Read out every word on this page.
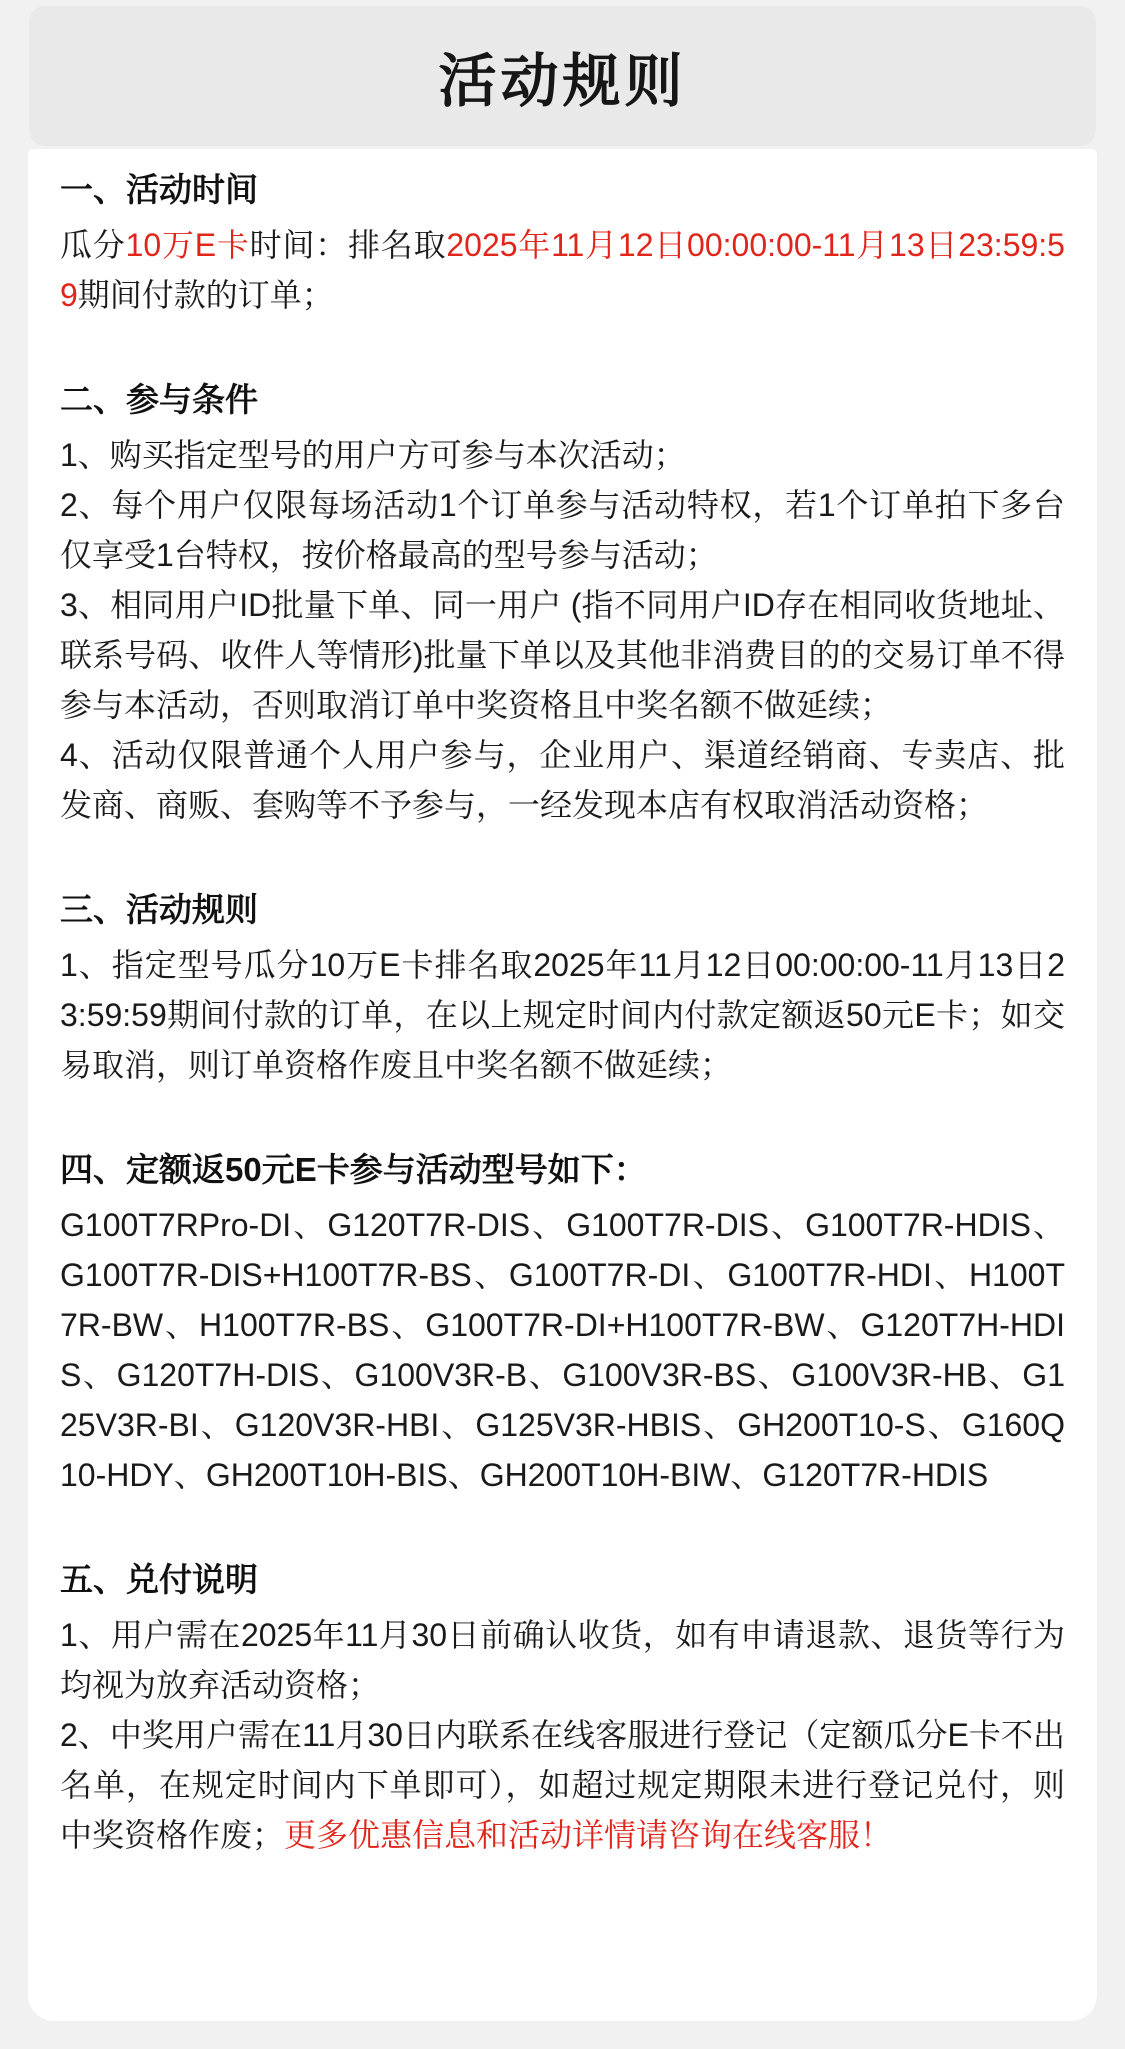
活动规则
一、活动时间

瓜分10万E卡时间：排名取2025年11月12日00:00:00-11月13日23:59:59期间付款的订单；

二、参与条件

1、购买指定型号的用户方可参与本次活动；

2、每个用户仅限每场活动1个订单参与活动特权，若1个订单拍下多台仅享受1台特权，按价格最高的型号参与活动；

3、相同用户ID批量下单、同一用户 (指不同用户ID存在相同收货地址、联系号码、收件人等情形)批量下单以及其他非消费目的的交易订单不得参与本活动，否则取消订单中奖资格且中奖名额不做延续；

4、活动仅限普通个人用户参与，企业用户、渠道经销商、专卖店、批发商、商贩、套购等不予参与，一经发现本店有权取消活动资格；

三、活动规则

1、指定型号瓜分10万E卡排名取2025年11月12日00:00:00-11月13日23:59:59期间付款的订单，在以上规定时间内付款定额返50元E卡；如交易取消，则订单资格作废且中奖名额不做延续；

四、定额返50元E卡参与活动型号如下：

G100T7RPro-DI、G120T7R-DIS、G100T7R-DIS、G100T7R-HDIS、G100T7R-DIS+H100T7R-BS、G100T7R-DI、G100T7R-HDI、H100T7R-BW、H100T7R-BS、G100T7R-DI+H100T7R-BW、G120T7H-HDIS、G120T7H-DIS、G100V3R-B、G100V3R-BS、G100V3R-HB、G125V3R-BI、G120V3R-HBI、G125V3R-HBIS、GH200T10-S、G160Q10-HDY、GH200T10H-BIS、GH200T10H-BIW、G120T7R-HDIS

五、兑付说明

1、用户需在2025年11月30日前确认收货，如有申请退款、退货等行为均视为放弃活动资格；

2、中奖用户需在11月30日内联系在线客服进行登记（定额瓜分E卡不出名单，在规定时间内下单即可），如超过规定期限未进行登记兑付，则中奖资格作废；更多优惠信息和活动详情请咨询在线客服！
